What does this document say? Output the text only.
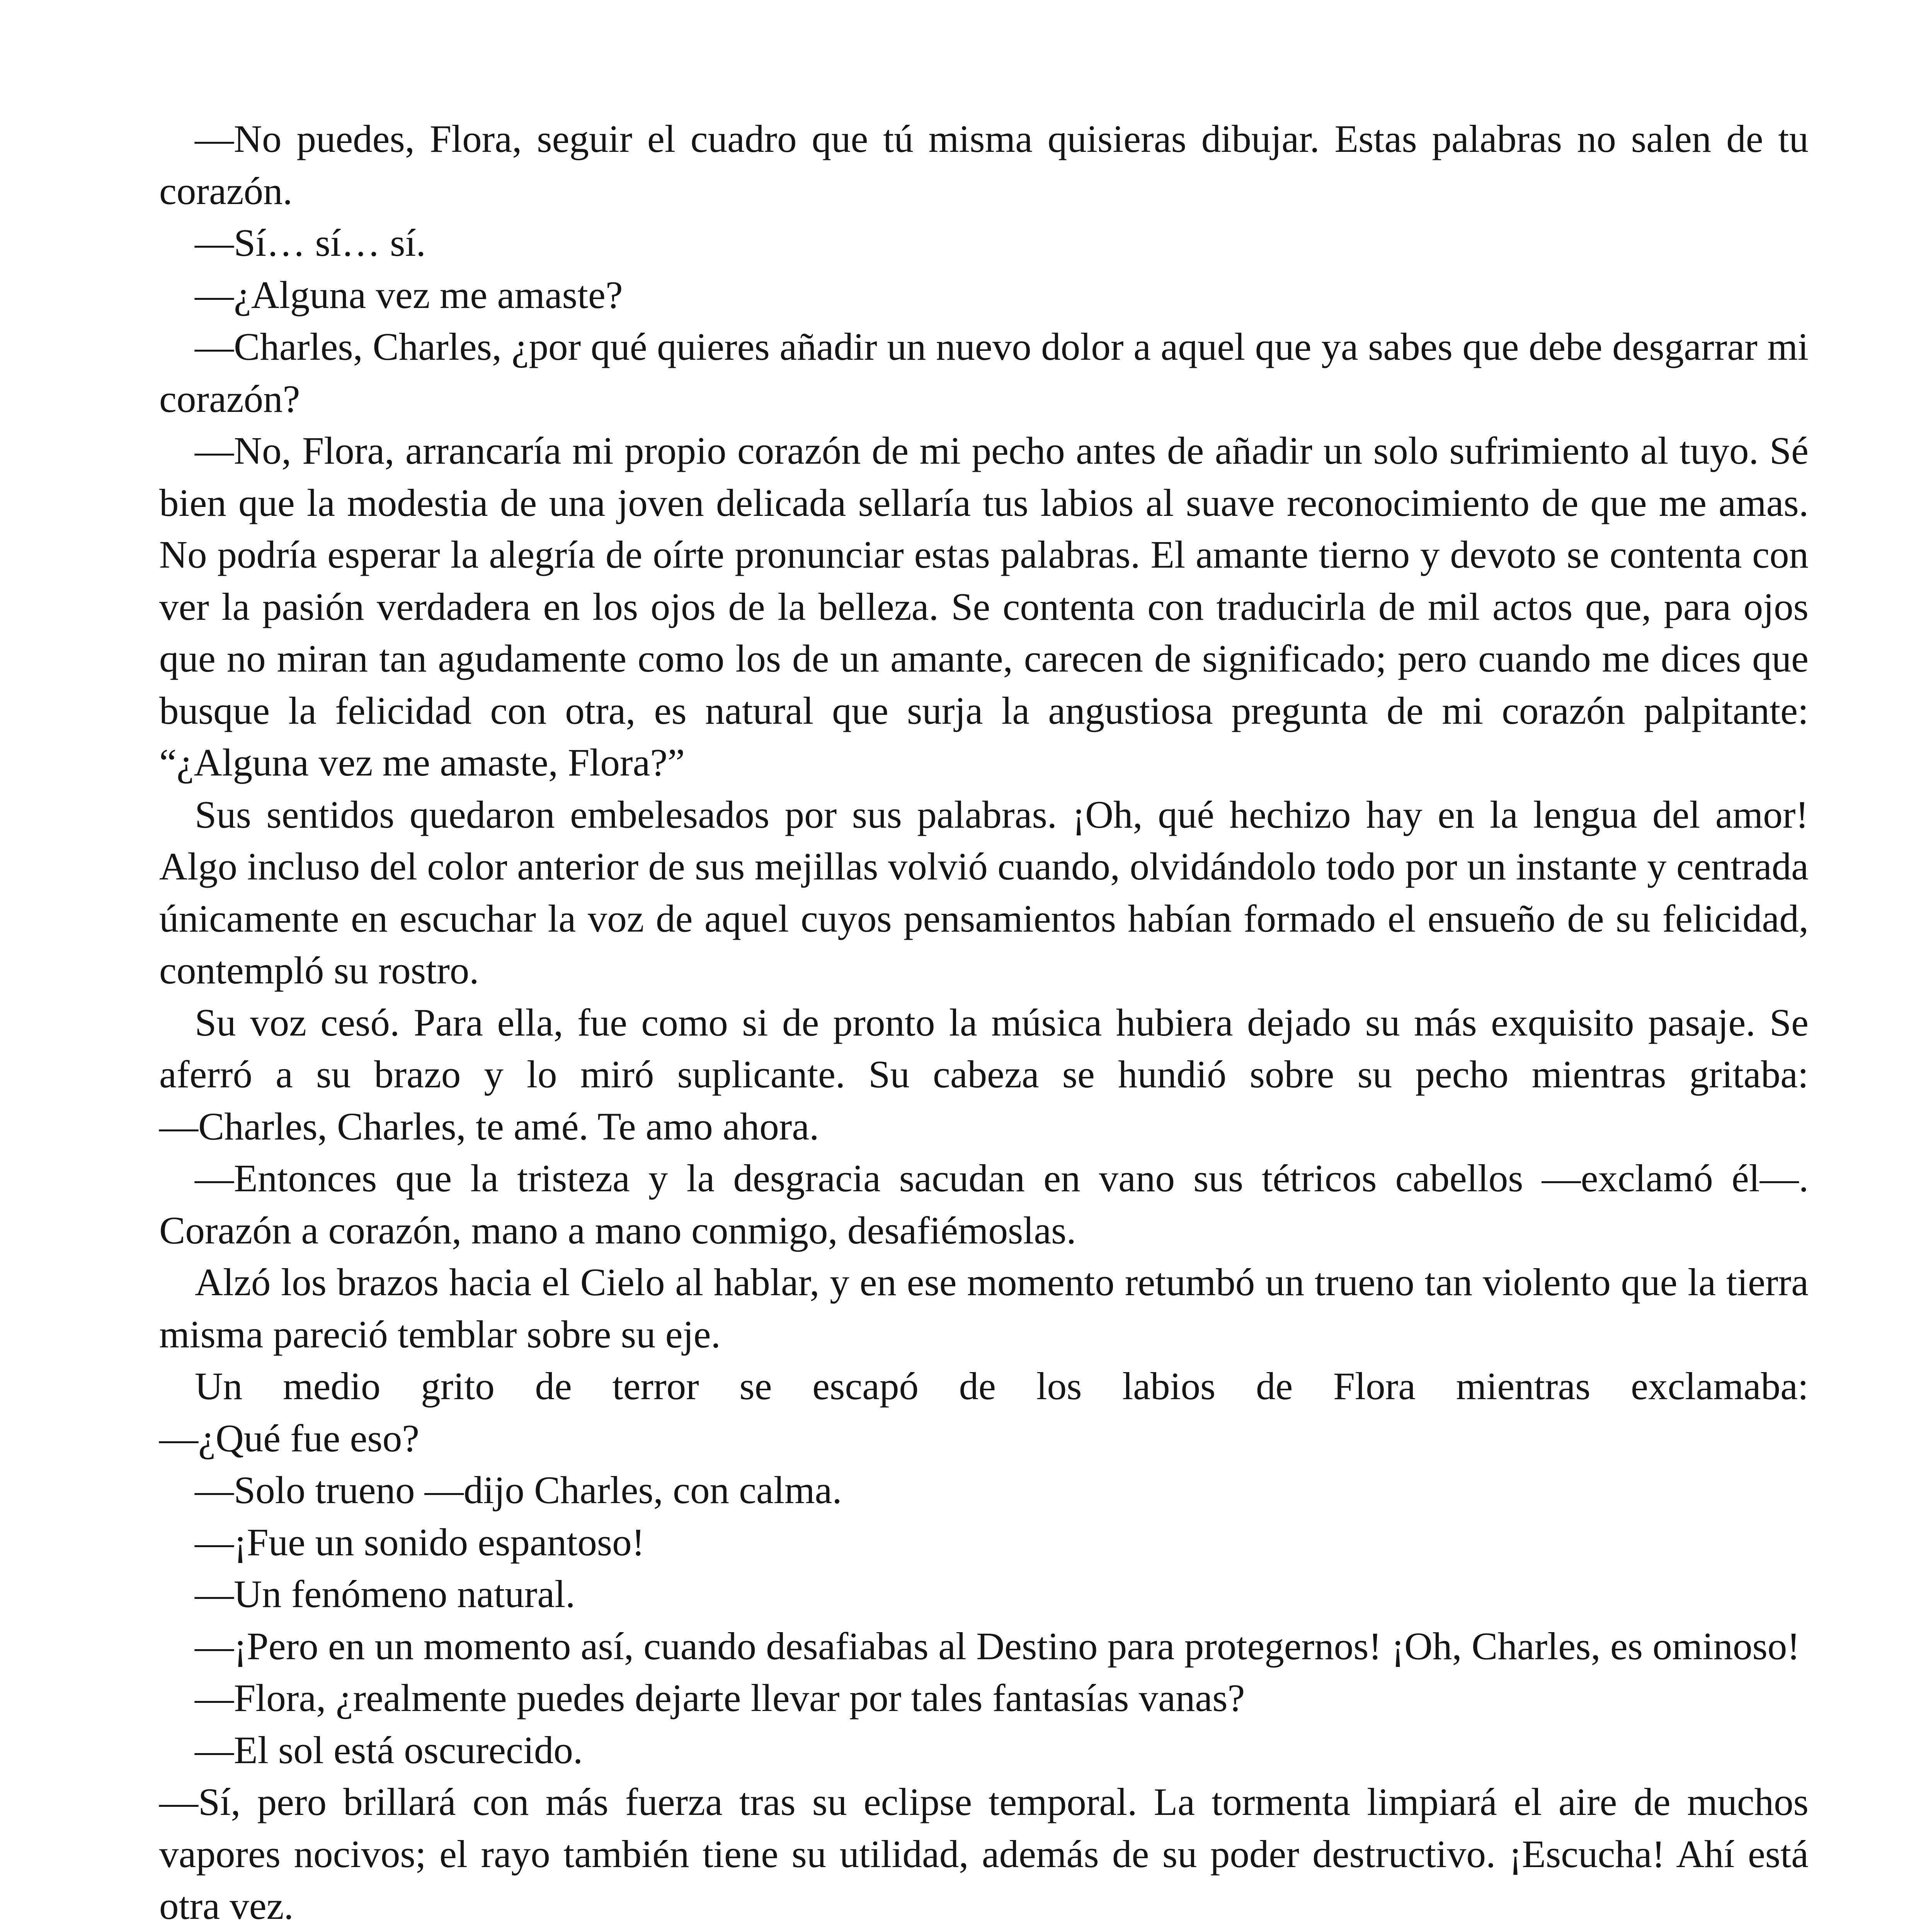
—No puedes, Flora, seguir el cuadro que tú misma quisieras dibujar. Estas palabras no salen de tu corazón.

—Sí… sí… sí.

—¿Alguna vez me amaste?

—Charles, Charles, ¿por qué quieres añadir un nuevo dolor a aquel que ya sabes que debe desgarrar mi corazón?

—No, Flora, arrancaría mi propio corazón de mi pecho antes de añadir un solo sufrimiento al tuyo. Sé bien que la modestia de una joven delicada sellaría tus labios al suave reconocimiento de que me amas. No podría esperar la alegría de oírte pronunciar estas palabras. El amante tierno y devoto se contenta con ver la pasión verdadera en los ojos de la belleza. Se contenta con traducirla de mil actos que, para ojos que no miran tan agudamente como los de un amante, carecen de significado; pero cuando me dices que busque la felicidad con otra, es natural que surja la angustiosa pregunta de mi corazón palpitante: “¿Alguna vez me amaste, Flora?”

Sus sentidos quedaron embelesados por sus palabras. ¡Oh, qué hechizo hay en la lengua del amor! Algo incluso del color anterior de sus mejillas volvió cuando, olvidándolo todo por un instante y centrada únicamente en escuchar la voz de aquel cuyos pensamientos habían formado el ensueño de su felicidad, contempló su rostro.

Su voz cesó. Para ella, fue como si de pronto la música hubiera dejado su más exquisito pasaje. Se aferró a su brazo y lo miró suplicante. Su cabeza se hundió sobre su pecho mientras gritaba:

—Charles, Charles, te amé. Te amo ahora.

—Entonces que la tristeza y la desgracia sacudan en vano sus tétricos cabellos —exclamó él—. Corazón a corazón, mano a mano conmigo, desafiémoslas.

Alzó los brazos hacia el Cielo al hablar, y en ese momento retumbó un trueno tan violento que la tierra misma pareció temblar sobre su eje.

Un medio grito de terror se escapó de los labios de Flora mientras exclamaba:

—¿Qué fue eso?

—Solo trueno —dijo Charles, con calma.

—¡Fue un sonido espantoso!

—Un fenómeno natural.

—¡Pero en un momento así, cuando desafiabas al Destino para protegernos! ¡Oh, Charles, es ominoso!

—Flora, ¿realmente puedes dejarte llevar por tales fantasías vanas?

—El sol está oscurecido.

—Sí, pero brillará con más fuerza tras su eclipse temporal. La tormenta limpiará el aire de muchos vapores nocivos; el rayo también tiene su utilidad, además de su poder destructivo. ¡Escucha! Ahí está otra vez.
